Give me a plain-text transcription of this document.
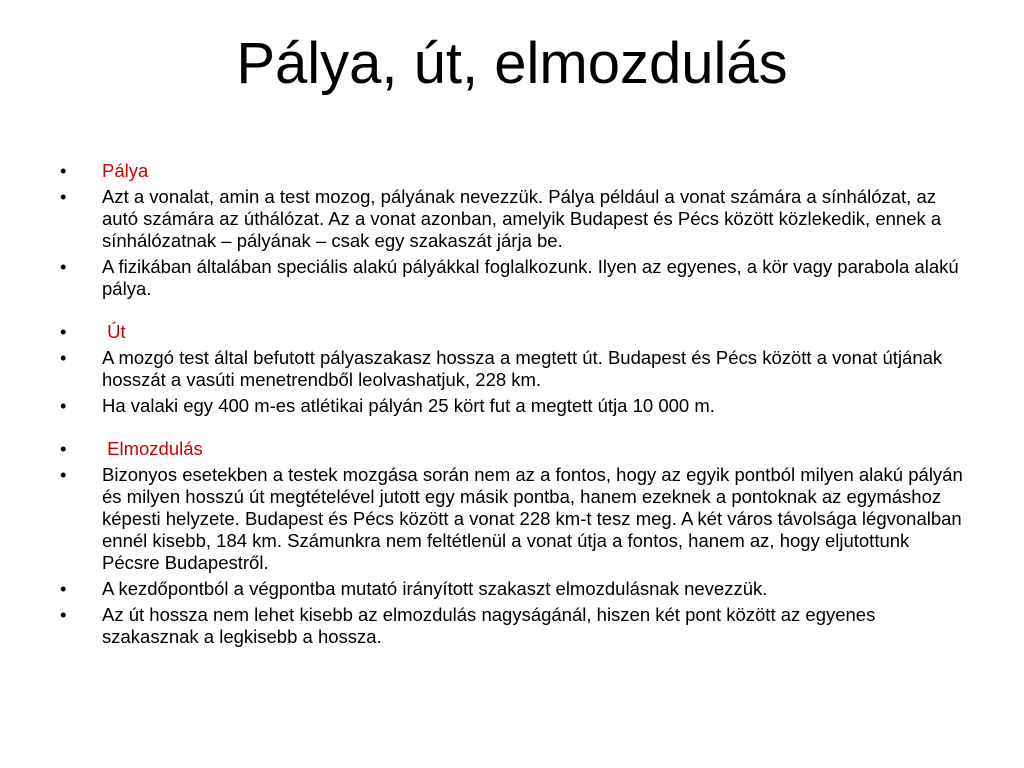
Pálya, út, elmozdulás
• Pálya
• Azt a vonalat, amin a test mozog, pályának nevezzük. Pálya például a vonat számára a sínhálózat, az autó számára az úthálózat. Az a vonat azonban, amelyik Budapest és Pécs között közlekedik, ennek a sínhálózatnak – pályának – csak egy szakaszát járja be.
• A fizikában általában speciális alakú pályákkal foglalkozunk. Ilyen az egyenes, a kör vagy parabola alakú pálya.
• Út
• A mozgó test által befutott pályaszakasz hossza a megtett út. Budapest és Pécs között a vonat útjának hosszát a vasúti menetrendből leolvashatjuk, 228 km.
• Ha valaki egy 400 m-es atlétikai pályán 25 kört fut a megtett útja 10 000 m.
• Elmozdulás
• Bizonyos esetekben a testek mozgása során nem az a fontos, hogy az egyik pontból milyen alakú pályán és milyen hosszú út megtételével jutott egy másik pontba, hanem ezeknek a pontoknak az egymáshoz képesti helyzete. Budapest és Pécs között a vonat 228 km-t tesz meg. A két város távolsága légvonalban ennél kisebb, 184 km. Számunkra nem feltétlenül a vonat útja a fontos, hanem az, hogy eljutottunk Pécsre Budapestről.
• A kezdőpontból a végpontba mutató irányított szakaszt elmozdulásnak nevezzük.
• Az út hossza nem lehet kisebb az elmozdulás nagyságánál, hiszen két pont között az egyenes szakasznak a legkisebb a hossza.
